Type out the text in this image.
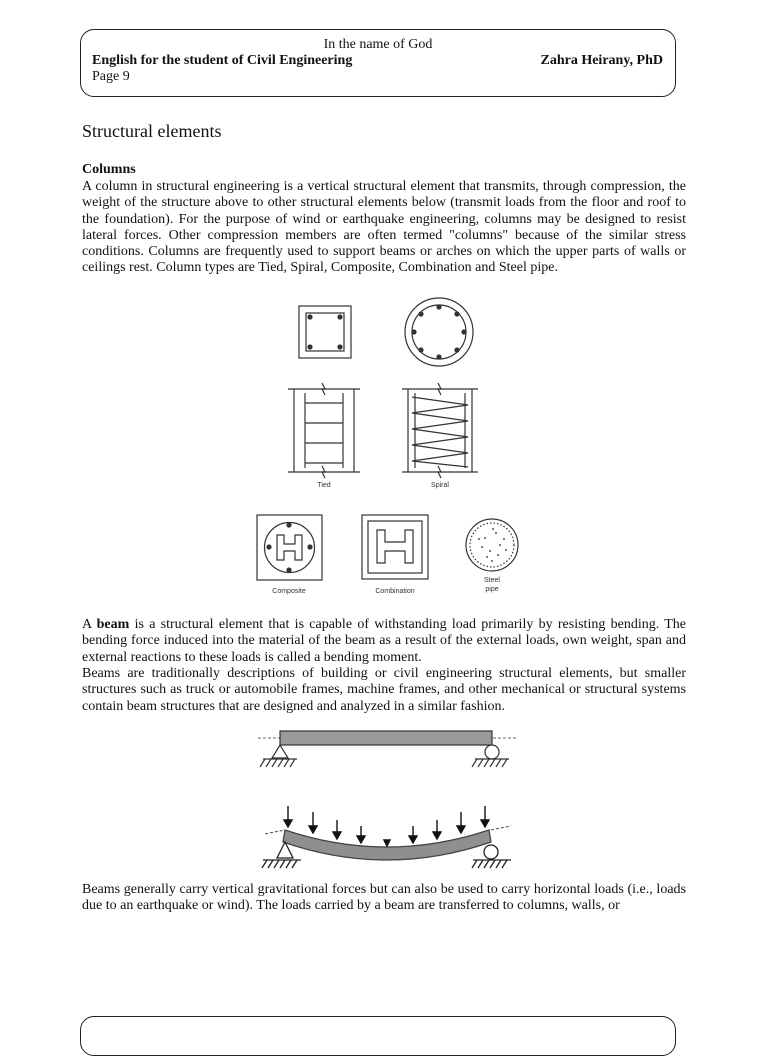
In the name of God
English for the student of Civil Engineering	Zahra Heirany, PhD
Page 9
Structural elements
Columns

A column in structural engineering is a vertical structural element that transmits, through compression, the weight of the structure above to other structural elements below (transmit loads from the floor and roof to the foundation). For the purpose of wind or earthquake engineering, columns may be designed to resist lateral forces. Other compression members are often termed "columns" because of the similar stress conditions. Columns are frequently used to support beams or arches on which the upper parts of walls or ceilings rest. Column types are Tied, Spiral, Composite, Combination and Steel pipe.

Tied	Spiral
Composite	Combination
Steel
pipe

A beam is a structural element that is capable of withstanding load primarily by resisting bending. The bending force induced into the material of the beam as a result of the external loads, own weight, span and external reactions to these loads is called a bending moment.

Beams are traditionally descriptions of building or civil engineering structural elements, but smaller structures such as truck or automobile frames, machine frames, and other mechanical or structural systems contain beam structures that are designed and analyzed in a similar fashion.

Beams generally carry vertical gravitational forces but can also be used to carry horizontal loads (i.e., loads due to an earthquake or wind). The loads carried by a beam are transferred to columns, walls, or
